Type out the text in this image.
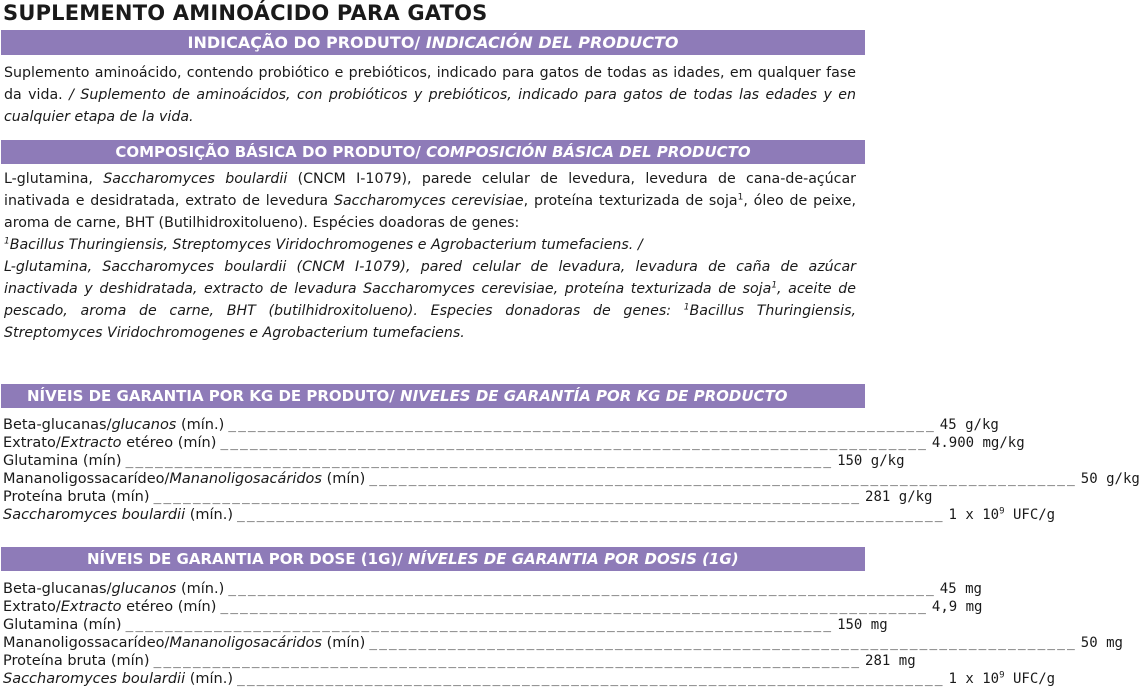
SUPLEMENTO AMINOÁCIDO PARA GATOS
INDICAÇÃO DO PRODUTO/ INDICACIÓN DEL PRODUCTO
Suplemento aminoácido, contendo probiótico e prebióticos, indicado para gatos de todas as idades, em qualquer fase da vida. / Suplemento de aminoácidos, con probióticos y prebióticos, indicado para gatos de todas las edades y en cualquier etapa de la vida.
COMPOSIÇÃO BÁSICA DO PRODUTO/ COMPOSICIÓN BÁSICA DEL PRODUCTO
L-glutamina, Saccharomyces boulardii (CNCM I-1079), parede celular de levedura, levedura de cana-de-açúcar inativada e desidratada, extrato de levedura Saccharomyces cerevisiae, proteína texturizada de soja$^1$, óleo de peixe, aroma de carne, BHT (Butilhidroxitolueno). Espécies doadoras de genes:
$^1$Bacillus Thuringiensis, Streptomyces Viridochromogenes e Agrobacterium tumefaciens. /
L-glutamina, Saccharomyces boulardii (CNCM I-1079), pared celular de levadura, levadura de caña de azúcar inactivada y deshidratada, extracto de levadura Saccharomyces cerevisiae, proteína texturizada de soja$^1$, aceite de pescado, aroma de carne, BHT (butilhidroxitolueno). Especies donadoras de genes: $^1$Bacillus Thuringiensis, Streptomyces Viridochromogenes e Agrobacterium tumefaciens.
NÍVEIS DE GARANTIA POR KG DE PRODUTO/ NIVELES DE GARANTÍA POR KG DE PRODUCTO
Beta-glucanas/glucanos (mín.) ________________________________________________________________________ 45 g/kg
Extrato/Extracto etéreo (mín) ________________________________________________________________________ 4.900 mg/kg
Glutamina (mín) ________________________________________________________________________ 150 g/kg
Mananoligossacarídeo/Mananoligosacáridos (mín) ________________________________________________________________________ 50 g/kg
Proteína bruta (mín) ________________________________________________________________________ 281 g/kg
Saccharomyces boulardii (mín.) ________________________________________________________________________ 1 x $10^9$ UFC/g
NÍVEIS DE GARANTIA POR DOSE (1G)/ NÍVELES DE GARANTIA POR DOSIS (1G)
Beta-glucanas/glucanos (mín.) ________________________________________________________________________ 45 mg
Extrato/Extracto etéreo (mín) ________________________________________________________________________ 4,9 mg
Glutamina (mín) ________________________________________________________________________ 150 mg
Mananoligossacarídeo/Mananoligosacáridos (mín) ________________________________________________________________________ 50 mg
Proteína bruta (mín) ________________________________________________________________________ 281 mg
Saccharomyces boulardii (mín.) ________________________________________________________________________ 1 x $10^9$ UFC/g
